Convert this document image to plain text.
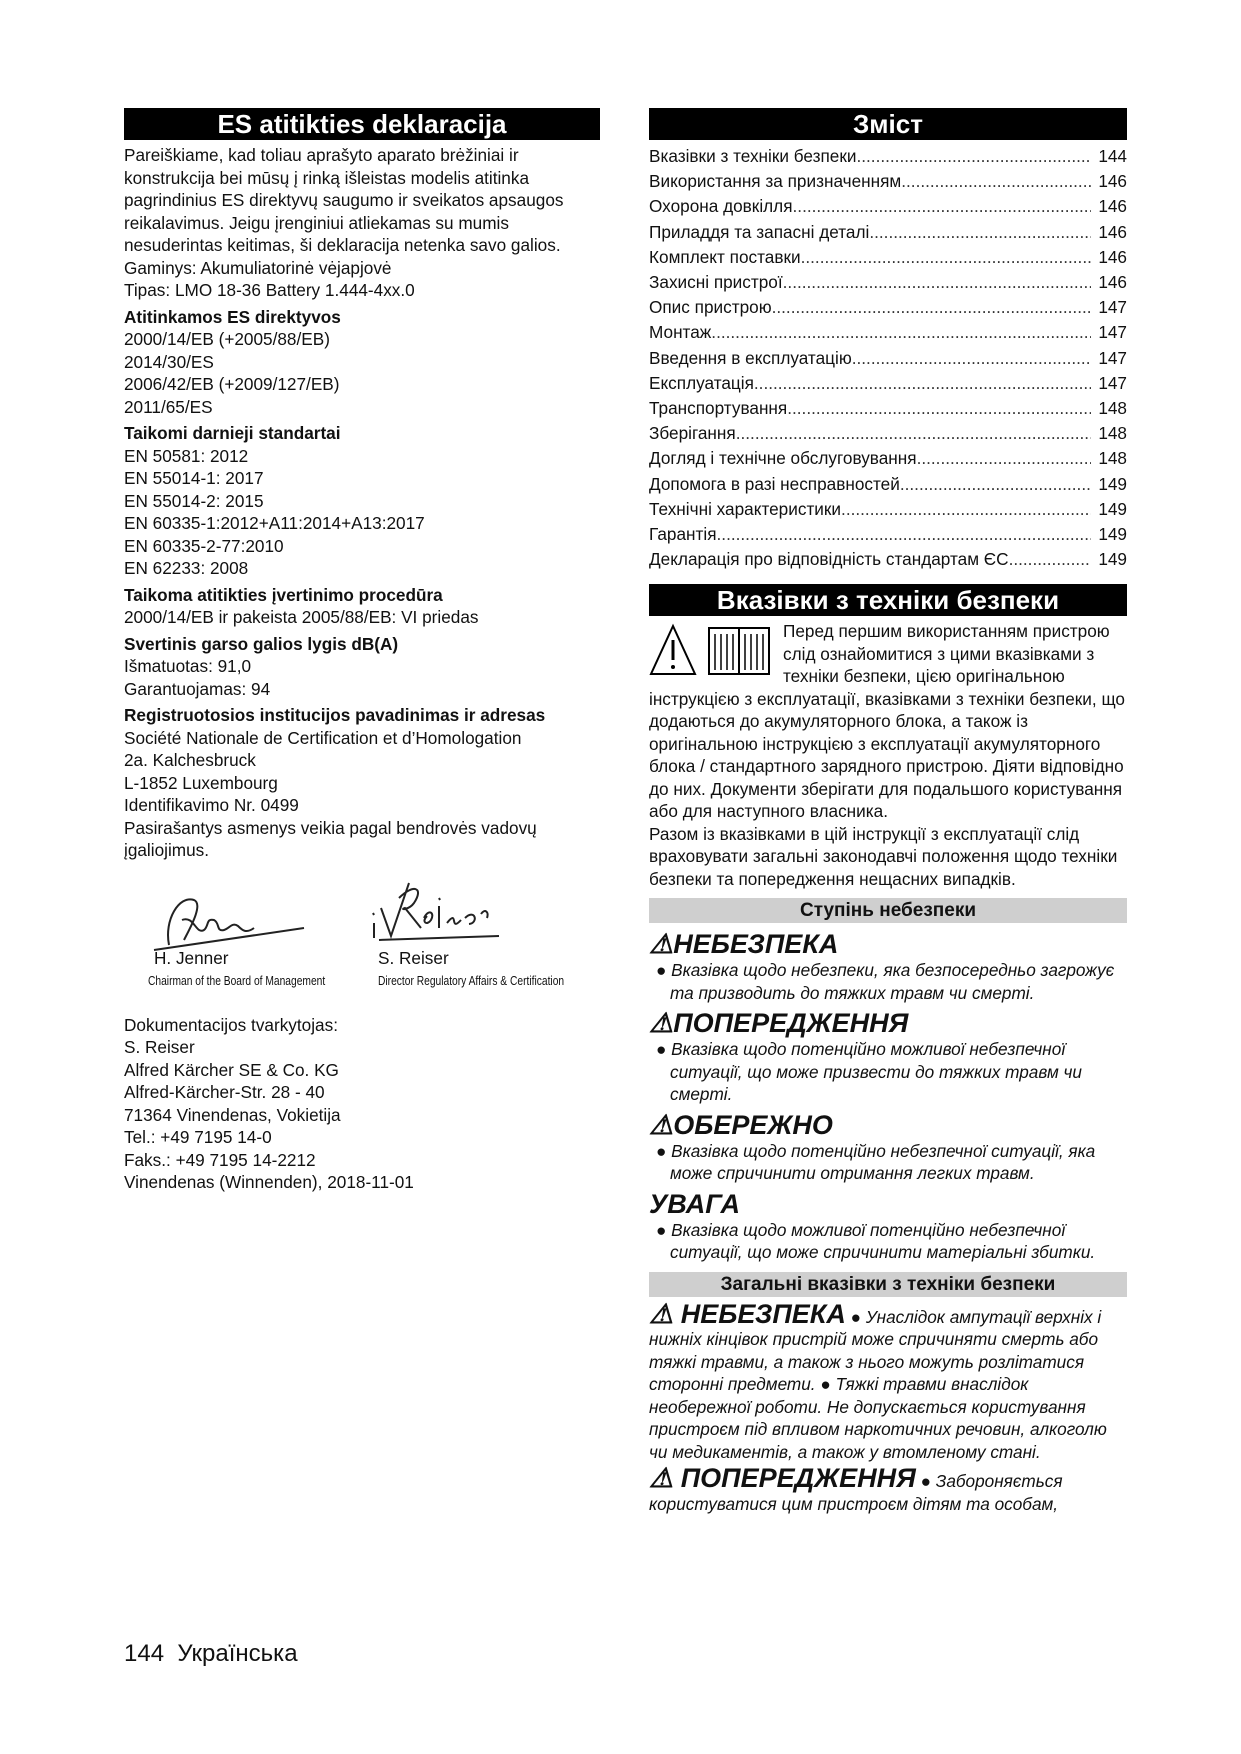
ES atitikties deklaracija
Pareiškiame, kad toliau aprašyto aparato brėžiniai ir konstrukcija bei mūsų į rinką išleistas modelis atitinka pagrindinius ES direktyvų saugumo ir sveikatos apsaugos reikalavimus. Jeigu įrenginiui atliekamas su mumis nesuderintas keitimas, ši deklaracija netenka savo galios.
Gaminys: Akumuliatorinė vėjapjovė
Tipas: LMO 18-36 Battery 1.444-4xx.0
Atitinkamos ES direktyvos
2000/14/EB (+2005/88/EB)
2014/30/ES
2006/42/EB (+2009/127/EB)
2011/65/ES
Taikomi darnieji standartai
EN 50581: 2012
EN 55014-1: 2017
EN 55014-2: 2015
EN 60335-1:2012+A11:2014+A13:2017
EN 60335-2-77:2010
EN 62233: 2008
Taikoma atitikties įvertinimo procedūra
2000/14/EB ir pakeista 2005/88/EB: VI priedas
Svertinis garso galios lygis dB(A)
Išmatuotas: 91,0
Garantuojamas: 94
Registruotosios institucijos pavadinimas ir adresas
Société Nationale de Certification et d’Homologation
2a. Kalchesbruck
L-1852 Luxembourg
Identifikavimo Nr. 0499
Pasirašantys asmenys veikia pagal bendrovės vadovų įgaliojimus.
H. Jenner
Chairman of the Board of Management
S. Reiser
Director Regulatory Affairs & Certification
Dokumentacijos tvarkytojas:
S. Reiser
Alfred Kärcher SE & Co. KG
Alfred-Kärcher-Str. 28 - 40
71364 Vinendenas, Vokietija
Tel.: +49 7195 14-0
Faks.: +49 7195 14-2212
Vinendenas (Winnenden), 2018-11-01
Зміст
Вказівки з техніки безпеки .....	144
Використання за призначенням .....	146
Охорона довкілля .....	146
Приладдя та запасні деталі .....	146
Комплект поставки .....	146
Захисні пристрої .....	146
Опис пристрою .....	147
Монтаж .....	147
Введення в експлуатацію .....	147
Експлуатація .....	147
Транспортування .....	148
Зберігання .....	148
Догляд і технічне обслуговування .....	148
Допомога в разі несправностей .....	149
Технічні характеристики .....	149
Гарантія .....	149
Декларація про відповідність стандартам ЄС .....	149
Вказівки з техніки безпеки
Перед першим використанням пристрою слід ознайомитися з цими вказівками з техніки безпеки, цією оригінальною інструкцією з експлуатації, вказівками з техніки безпеки, що додаються до акумуляторного блока, а також із оригінальною інструкцією з експлуатації акумуляторного блока / стандартного зарядного пристрою. Діяти відповідно до них. Документи зберігати для подальшого користування або для наступного власника.
Разом із вказівками в цій інструкції з експлуатації слід враховувати загальні законодавчі положення щодо техніки безпеки та попередження нещасних випадків.
Ступінь небезпеки
⚠НЕБЕЗПЕКА
● Вказівка щодо небезпеки, яка безпосередньо загрожує та призводить до тяжких травм чи смерті.
⚠ПОПЕРЕДЖЕННЯ
● Вказівка щодо потенційно можливої небезпечної ситуації, що може призвести до тяжких травм чи смерті.
⚠ОБЕРЕЖНО
● Вказівка щодо потенційно небезпечної ситуації, яка може спричинити отримання легких травм.
УВАГА
● Вказівка щодо можливої потенційно небезпечної ситуації, що може спричинити матеріальні збитки.
Загальні вказівки з техніки безпеки
⚠ НЕБЕЗПЕКА ● Унаслідок ампутації верхніх і нижніх кінцівок пристрій може спричиняти смерть або тяжкі травми, а також з нього можуть розлітатися сторонні предмети. ● Тяжкі травми внаслідок необережної роботи. Не допускається користування пристроєм під впливом наркотичних речовин, алкоголю чи медикаментів, а також у втомленому стані.
⚠ ПОПЕРЕДЖЕННЯ ● Забороняється користуватися цим пристроєм дітям та особам,
144 Українська
